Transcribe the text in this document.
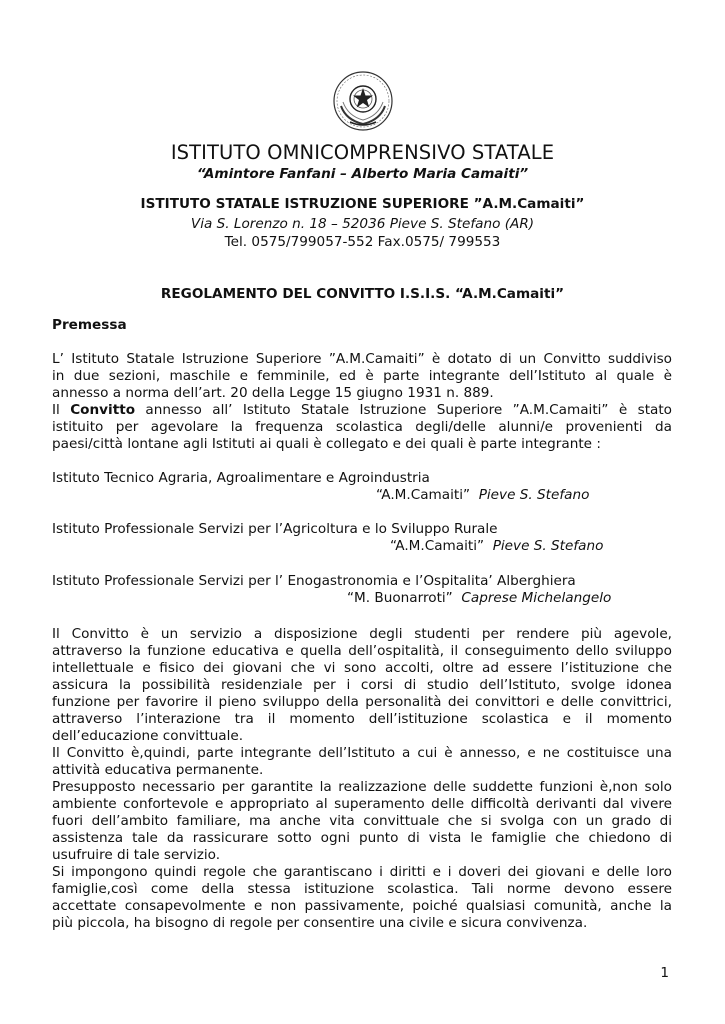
ISTITUTO OMNICOMPRENSIVO STATALE
“Amintore Fanfani – Alberto Maria Camaiti”
ISTITUTO STATALE ISTRUZIONE SUPERIORE ”A.M.Camaiti”
Via S. Lorenzo n. 18 – 52036 Pieve S. Stefano (AR)
Tel. 0575/799057-552 Fax.0575/ 799553
REGOLAMENTO DEL CONVITTO I.S.I.S. “A.M.Camaiti”
Premessa
L’ Istituto Statale Istruzione Superiore ”A.M.Camaiti” è dotato di un Convitto suddiviso
in due sezioni, maschile e femminile, ed è parte integrante dell’Istituto al quale è
annesso a norma dell’art. 20 della Legge 15 giugno 1931 n. 889.
Il Convitto annesso all’ Istituto Statale Istruzione Superiore ”A.M.Camaiti” è stato
istituito per agevolare la frequenza scolastica degli/delle alunni/e provenienti da
paesi/città lontane agli Istituti ai quali è collegato e dei quali è parte integrante :
Istituto Tecnico Agraria, Agroalimentare e Agroindustria
“A.M.Camaiti” Pieve S. Stefano
Istituto Professionale Servizi per l’Agricoltura e lo Sviluppo Rurale
“A.M.Camaiti” Pieve S. Stefano
Istituto Professionale Servizi per l’ Enogastronomia e l’Ospitalita’ Alberghiera
“M. Buonarroti” Caprese Michelangelo
Il Convitto è un servizio a disposizione degli studenti per rendere più agevole,
attraverso la funzione educativa e quella dell’ospitalità, il conseguimento dello sviluppo
intellettuale e fisico dei giovani che vi sono accolti, oltre ad essere l’istituzione che
assicura la possibilità residenziale per i corsi di studio dell’Istituto, svolge idonea
funzione per favorire il pieno sviluppo della personalità dei convittori e delle convittrici,
attraverso l’interazione tra il momento dell’istituzione scolastica e il momento
dell’educazione convittuale.
Il Convitto è,quindi, parte integrante dell’Istituto a cui è annesso, e ne costituisce una
attività educativa permanente.
Presupposto necessario per garantite la realizzazione delle suddette funzioni è,non solo
ambiente confortevole e appropriato al superamento delle difficoltà derivanti dal vivere
fuori dell’ambito familiare, ma anche vita convittuale che si svolga con un grado di
assistenza tale da rassicurare sotto ogni punto di vista le famiglie che chiedono di
usufruire di tale servizio.
Si impongono quindi regole che garantiscano i diritti e i doveri dei giovani e delle loro
famiglie,così come della stessa istituzione scolastica. Tali norme devono essere
accettate consapevolmente e non passivamente, poiché qualsiasi comunità, anche la
più piccola, ha bisogno di regole per consentire una civile e sicura convivenza.
1
